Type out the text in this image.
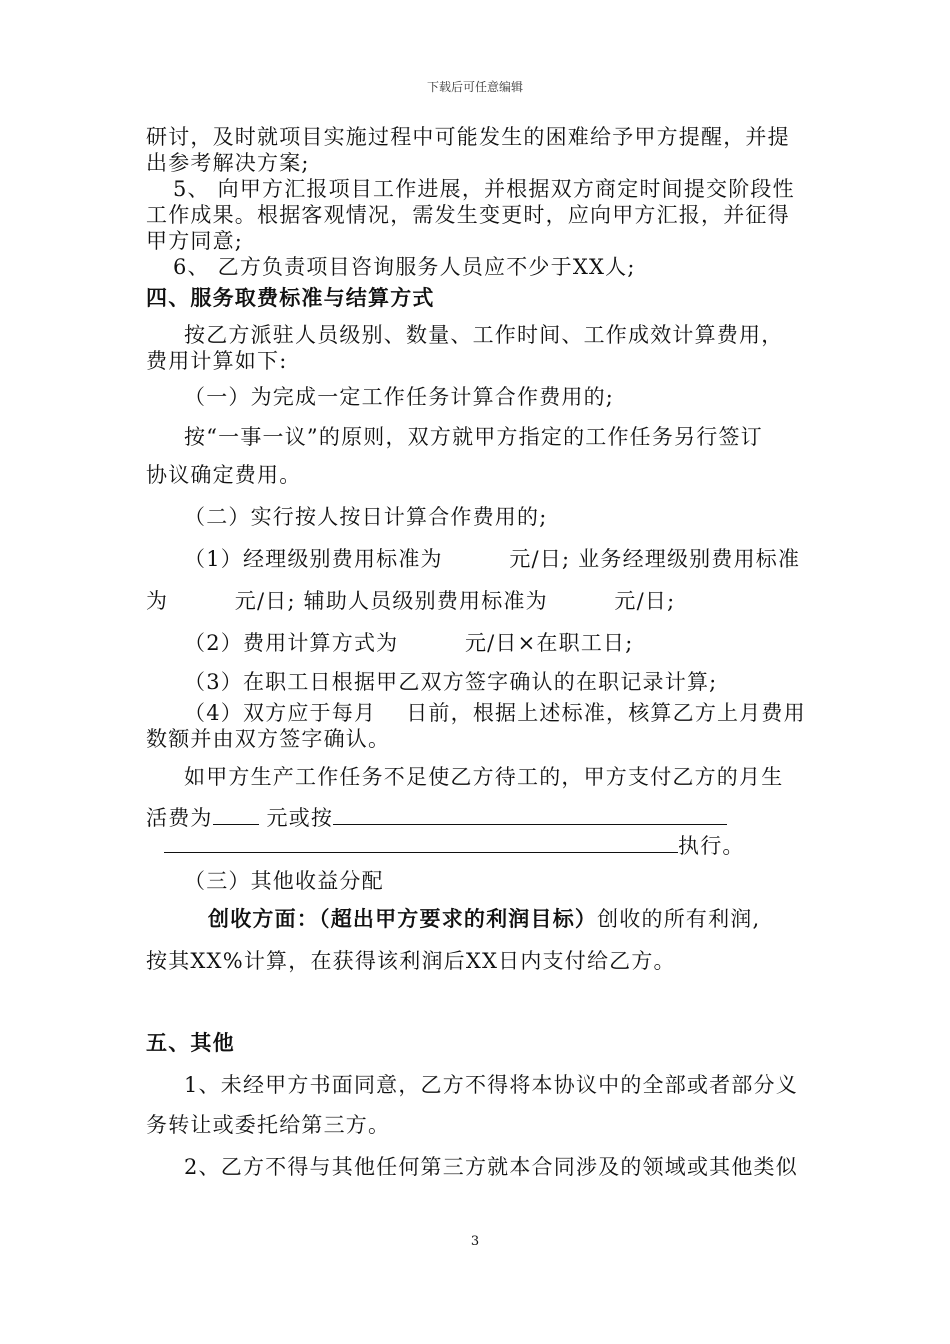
下载后可任意编辑
研讨，及时就项目实施过程中可能发生的困难给予甲方提醒，并提
出参考解决方案;
5、 向甲方汇报项目工作进展，并根据双方商定时间提交阶段性
工作成果。根据客观情况，需发生变更时，应向甲方汇报，并征得
甲方同意;
6、 乙方负责项目咨询服务人员应不少于XX人;
四、服务取费标准与结算方式
按乙方派驻人员级别、数量、工作时间、工作成效计算费用，
费用计算如下:
（一）为完成一定工作任务计算合作费用的;
按“一事一议”的原则，双方就甲方指定的工作任务另行签订
协议确定费用。
（二）实行按人按日计算合作费用的;
（1）经理级别费用标准为　　　元/日; 业务经理级别费用标准
为　　　元/日; 辅助人员级别费用标准为　　　元/日;
（2）费用计算方式为　　　元/日×在职工日;
（3）在职工日根据甲乙双方签字确认的在职记录计算;
（4）双方应于每月　 日前，根据上述标准，核算乙方上月费用
数额并由双方签字确认。
如甲方生产工作任务不足使乙方待工的，甲方支付乙方的月生
活费为	元或按
执行。
（三）其他收益分配
创收方面：（超出甲方要求的利润目标）创收的所有利润,
按其XX%计算，在获得该利润后XX日内支付给乙方。
五、其他
1、未经甲方书面同意，乙方不得将本协议中的全部或者部分义
务转让或委托给第三方。
2、乙方不得与其他任何第三方就本合同涉及的领域或其他类似
3
